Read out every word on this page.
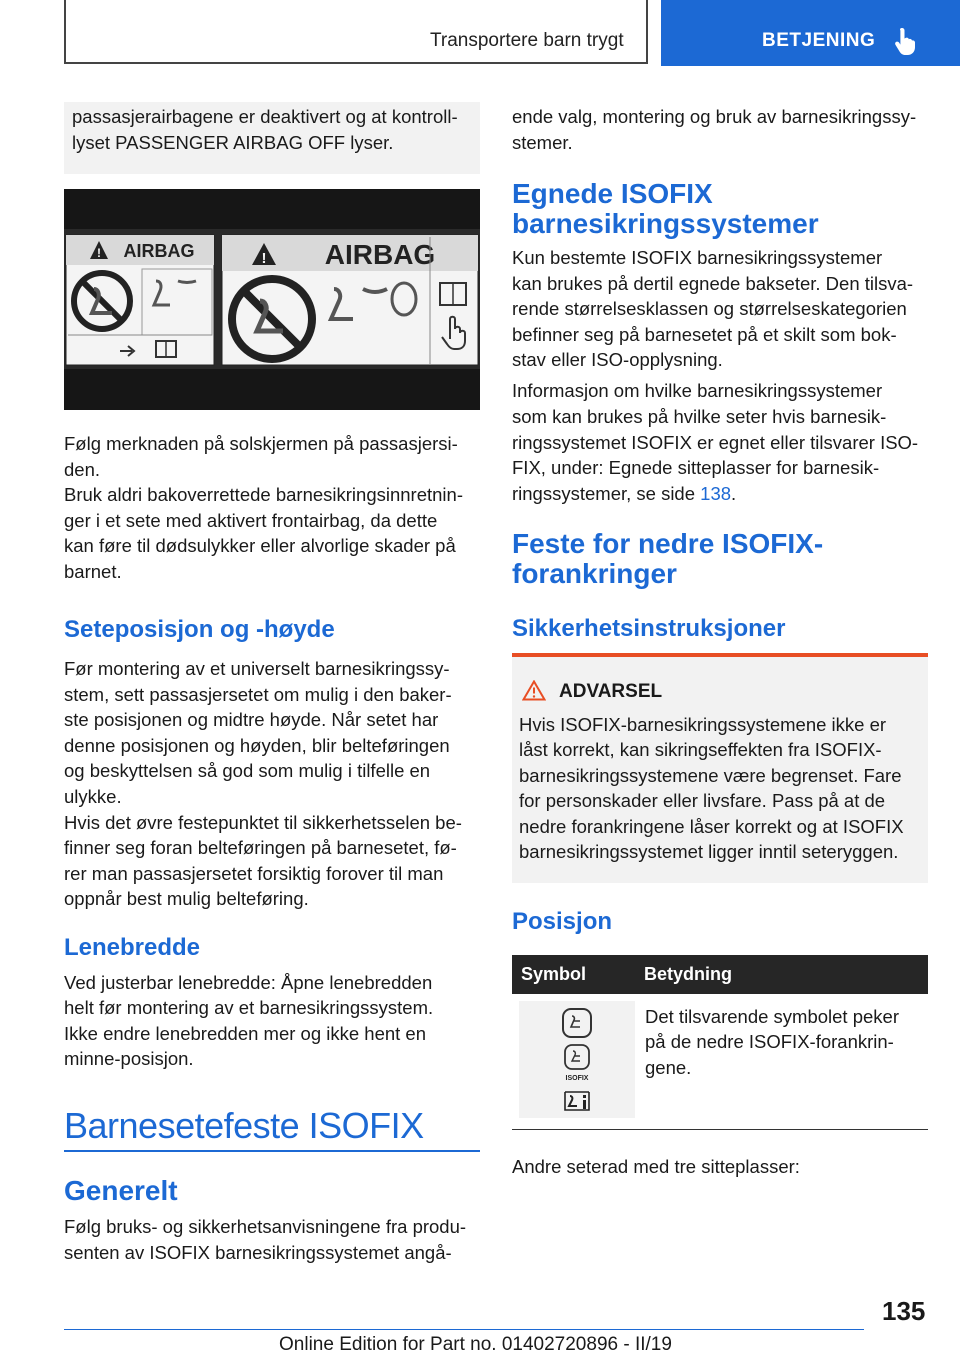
Transportere barn trygt	BETJENING
passasjerairbagene er deaktivert og at kontroll-
lyset PASSENGER AIRBAG OFF lyser.
! AIRBAG	! AIRBAG
Følg merknaden på solskjermen på passasjersi-
den.
Bruk aldri bakoverrettede barnesikringsinnretnin-
ger i et sete med aktivert frontairbag, da dette
kan føre til dødsulykker eller alvorlige skader på
barnet.
Seteposisjon og -høyde
Før montering av et universelt barnesikringssy-
stem, sett passasjersetet om mulig i den baker-
ste posisjonen og midtre høyde. Når setet har
denne posisjonen og høyden, blir belteføringen
og beskyttelsen så god som mulig i tilfelle en
ulykke.
Hvis det øvre festepunktet til sikkerhetsselen be-
finner seg foran belteføringen på barnesetet, fø-
rer man passasjersetet forsiktig forover til man
oppnår best mulig belteføring.
Lenebredde
Ved justerbar lenebredde: Åpne lenebredden
helt før montering av et barnesikringssystem.
Ikke endre lenebredden mer og ikke hent en
minne-posisjon.
Barnesetefeste ISOFIX
Generelt
Følg bruks- og sikkerhetsanvisningene fra produ-
senten av ISOFIX barnesikringssystemet angå-
ende valg, montering og bruk av barnesikringssy-
stemer.
Egnede ISOFIX
barnesikringssystemer
Kun bestemte ISOFIX barnesikringssystemer
kan brukes på dertil egnede bakseter. Den tilsva-
rende størrelsesklassen og størrelseskategorien
befinner seg på barnesetet på et skilt som bok-
stav eller ISO-opplysning.
Informasjon om hvilke barnesikringssystemer
som kan brukes på hvilke seter hvis barnesik-
ringssystemet ISOFIX er egnet eller tilsvarer ISO-
FIX, under: Egnede sitteplasser for barnesik-
ringssystemer, se side 138.
Feste for nedre ISOFIX-
forankringer
Sikkerhetsinstruksjoner
ADVARSEL
Hvis ISOFIX-barnesikringssystemene ikke er
låst korrekt, kan sikringseffekten fra ISOFIX-
barnesikringssystemene være begrenset. Fare
for personskader eller livsfare. Pass på at de
nedre forankringene låser korrekt og at ISOFIX
barnesikringssystemet ligger inntil seteryggen.
Posisjon
Symbol	Betydning
ISOFIX
Det tilsvarende symbolet peker
på de nedre ISOFIX-forankrin-
gene.
Andre seterad med tre sitteplasser:
135
Online Edition for Part no. 01402720896 - II/19
